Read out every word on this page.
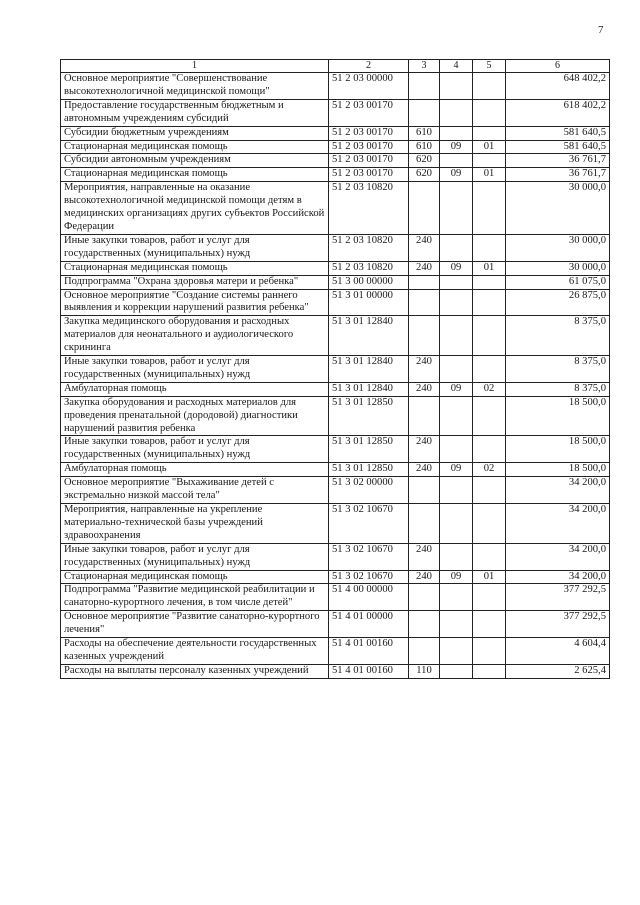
7
1	2	3	4	5	6
Основное мероприятие "Совершенствование высокотехнологичной медицинской помощи"	51 2 03 00000				648 402,2
Предоставление государственным бюджетным и автономным учреждениям субсидий	51 2 03 00170				618 402,2
Субсидии бюджетным учреждениям	51 2 03 00170	610			581 640,5
Стационарная медицинская помощь	51 2 03 00170	610	09	01	581 640,5
Субсидии автономным учреждениям	51 2 03 00170	620			36 761,7
Стационарная медицинская помощь	51 2 03 00170	620	09	01	36 761,7
Мероприятия, направленные на оказание высокотехнологичной медицинской помощи детям в медицинских организациях других субъектов Российской Федерации	51 2 03 10820				30 000,0
Иные закупки товаров, работ и услуг для государственных (муниципальных) нужд	51 2 03 10820	240			30 000,0
Стационарная медицинская помощь	51 2 03 10820	240	09	01	30 000,0
Подпрограмма "Охрана здоровья матери и ребенка"	51 3 00 00000				61 075,0
Основное мероприятие "Создание системы раннего выявления и коррекции нарушений развития ребенка"	51 3 01 00000				26 875,0
Закупка медицинского оборудования и расходных материалов для неонатального и аудиологического скрининга	51 3 01 12840				8 375,0
Иные закупки товаров, работ и услуг для государственных (муниципальных) нужд	51 3 01 12840	240			8 375,0
Амбулаторная помощь	51 3 01 12840	240	09	02	8 375,0
Закупка оборудования и расходных материалов для проведения пренатальной (дородовой) диагностики нарушений развития ребенка	51 3 01 12850				18 500,0
Иные закупки товаров, работ и услуг для государственных (муниципальных) нужд	51 3 01 12850	240			18 500,0
Амбулаторная помощь	51 3 01 12850	240	09	02	18 500,0
Основное мероприятие "Выхаживание детей с экстремально низкой массой тела"	51 3 02 00000				34 200,0
Мероприятия, направленные на укрепление материально-технической базы учреждений здравоохранения	51 3 02 10670				34 200,0
Иные закупки товаров, работ и услуг для государственных (муниципальных) нужд	51 3 02 10670	240			34 200,0
Стационарная медицинская помощь	51 3 02 10670	240	09	01	34 200,0
Подпрограмма "Развитие медицинской реабилитации и санаторно-курортного лечения, в том числе детей"	51 4 00 00000				377 292,5
Основное мероприятие "Развитие санаторно-курортного лечения"	51 4 01 00000				377 292,5
Расходы на обеспечение деятельности государственных казенных учреждений	51 4 01 00160				4 604,4
Расходы на выплаты персоналу казенных учреждений	51 4 01 00160	110			2 625,4
